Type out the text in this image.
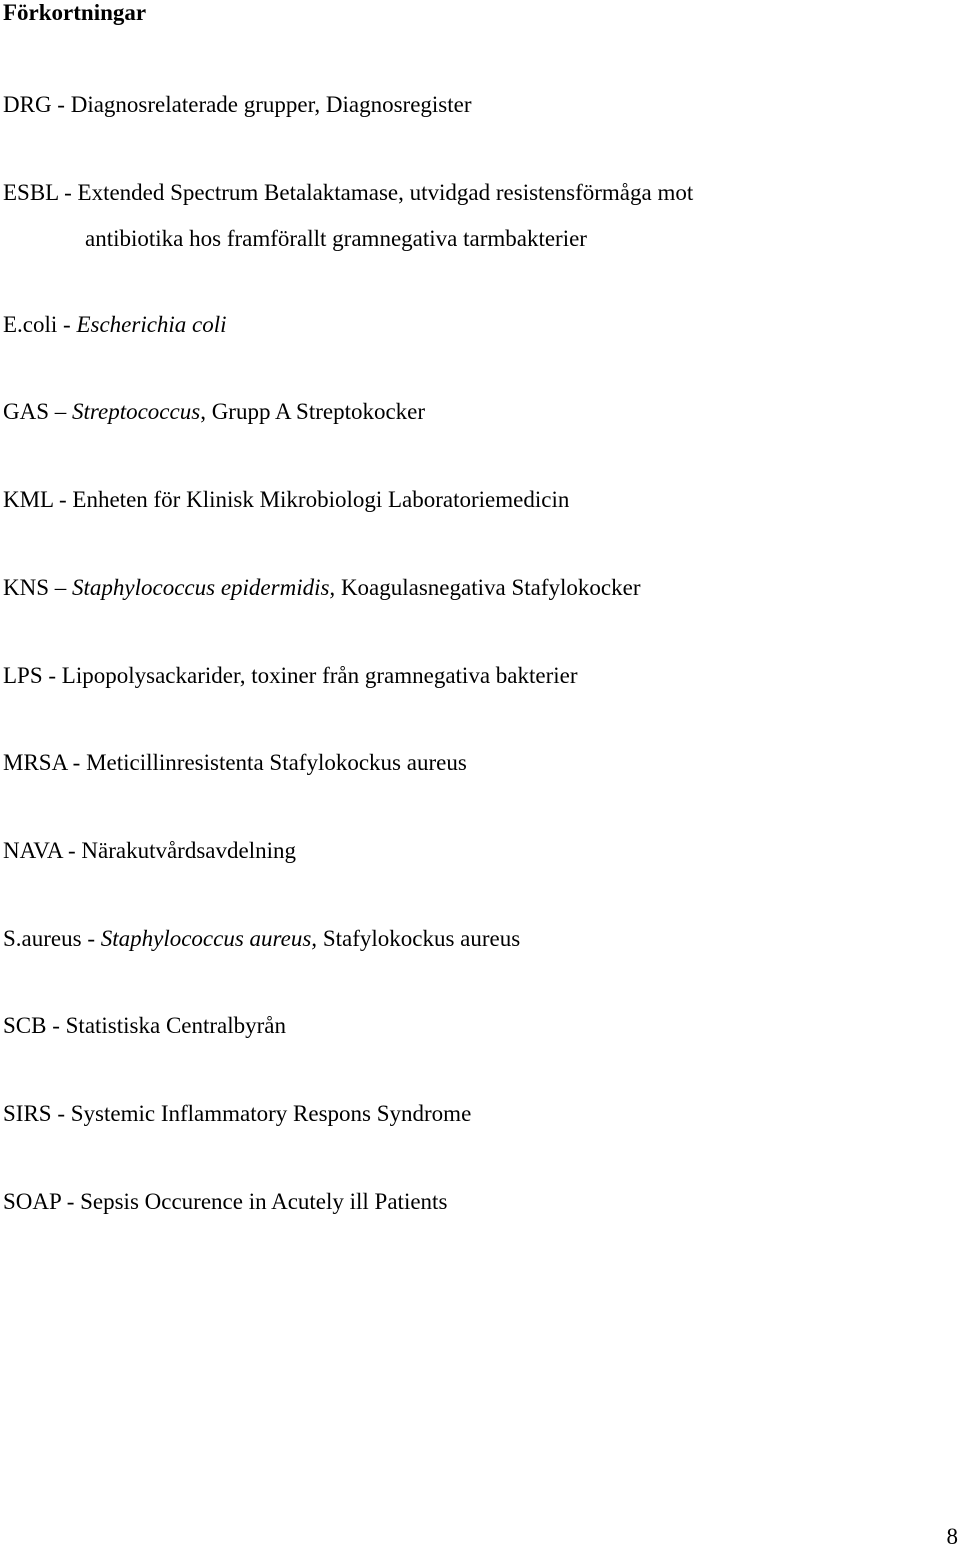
Förkortningar
DRG - Diagnosrelaterade grupper, Diagnosregister
ESBL - Extended Spectrum Betalaktamase, utvidgad resistensförmåga mot
antibiotika hos framförallt gramnegativa tarmbakterier
E.coli - Escherichia coli
GAS – Streptococcus, Grupp A Streptokocker
KML - Enheten för Klinisk Mikrobiologi Laboratoriemedicin
KNS – Staphylococcus epidermidis, Koagulasnegativa Stafylokocker
LPS - Lipopolysackarider, toxiner från gramnegativa bakterier
MRSA - Meticillinresistenta Stafylokockus aureus
NAVA - Närakutvårdsavdelning
S.aureus - Staphylococcus aureus, Stafylokockus aureus
SCB - Statistiska Centralbyrån
SIRS - Systemic Inflammatory Respons Syndrome
SOAP - Sepsis Occurence in Acutely ill Patients
8
